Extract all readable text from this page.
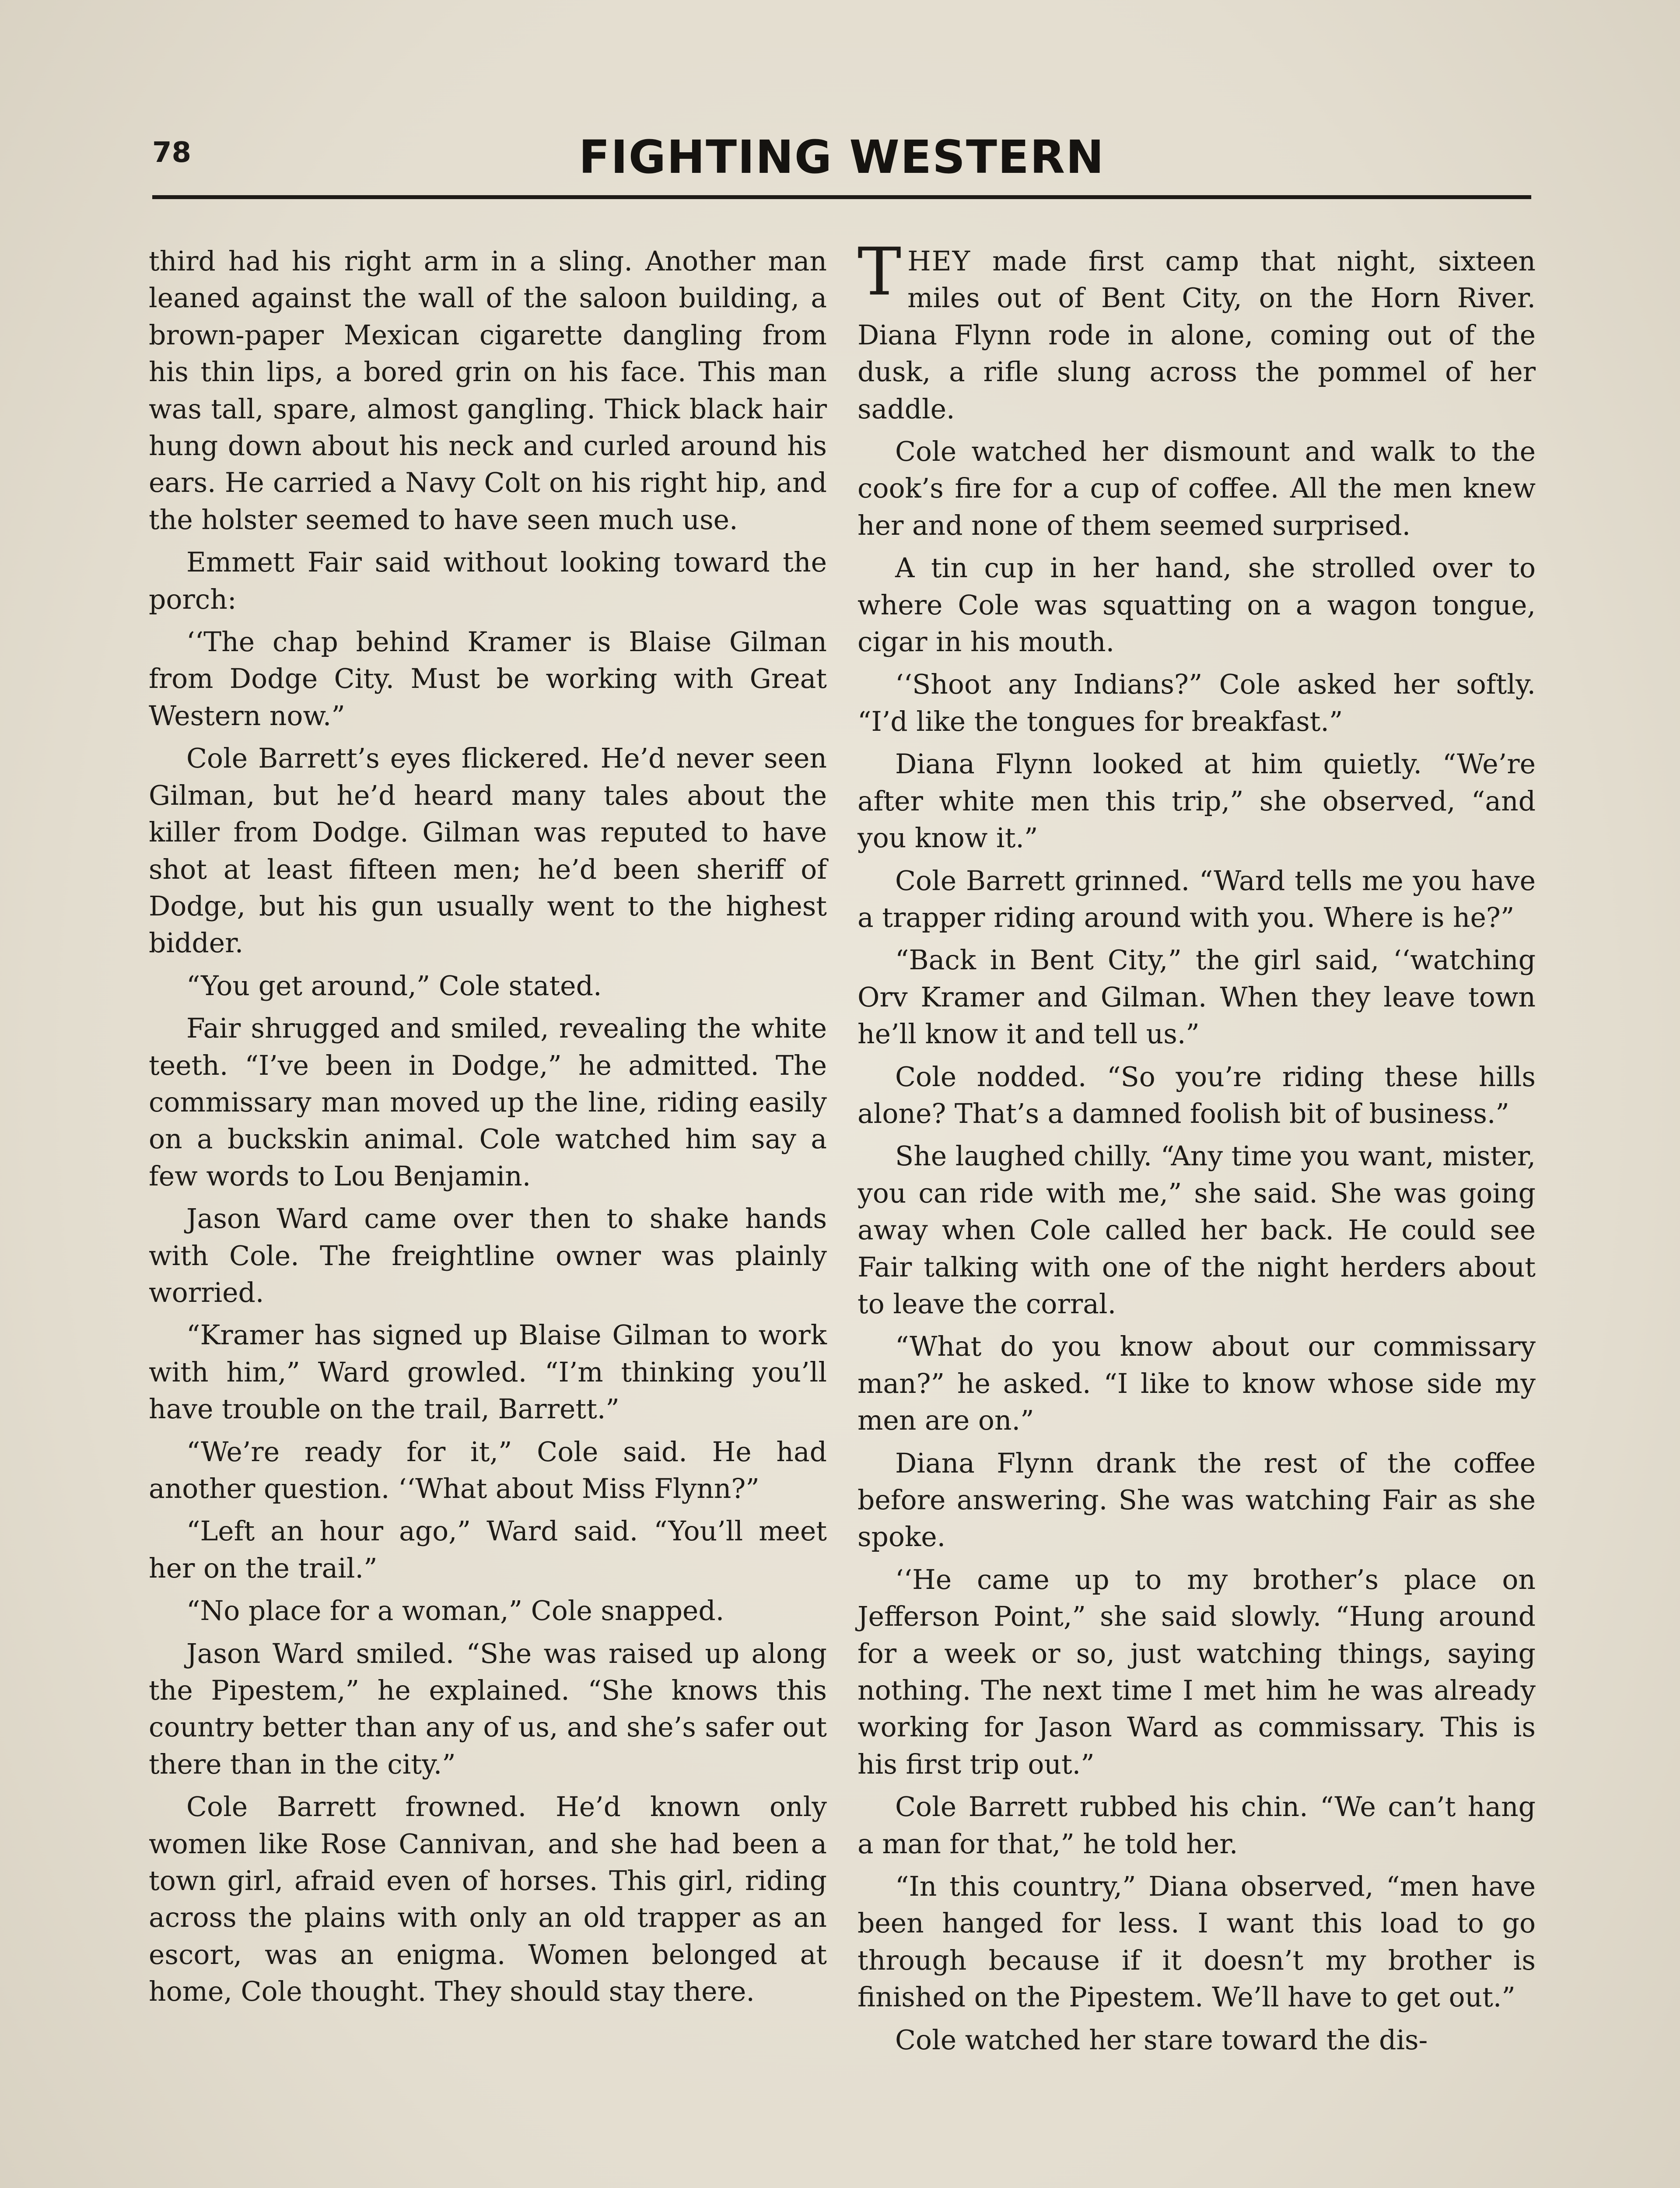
78	FIGHTING WESTERN

third had his right arm in a sling. Another man leaned against the wall of the saloon building, a brown-paper Mexican cigarette dangling from his thin lips, a bored grin on his face. This man was tall, spare, almost gangling. Thick black hair hung down about his neck and curled around his ears. He carried a Navy Colt on his right hip, and the holster seemed to have seen much use.

Emmett Fair said without looking toward the porch:

‘‘The chap behind Kramer is Blaise Gilman from Dodge City. Must be working with Great Western now.”

Cole Barrett’s eyes flickered. He’d never seen Gilman, but he’d heard many tales about the killer from Dodge. Gilman was reputed to have shot at least fifteen men; he’d been sheriff of Dodge, but his gun usually went to the highest bidder.

“You get around,” Cole stated.

Fair shrugged and smiled, revealing the white teeth. “I’ve been in Dodge,” he admitted. The commissary man moved up the line, riding easily on a buckskin animal. Cole watched him say a few words to Lou Benjamin.

Jason Ward came over then to shake hands with Cole. The freightline owner was plainly worried.

“Kramer has signed up Blaise Gilman to work with him,” Ward growled. “I’m thinking you’ll have trouble on the trail, Barrett.”

“We’re ready for it,” Cole said. He had another question. ‘‘What about Miss Flynn?”

“Left an hour ago,” Ward said. “You’ll meet her on the trail.”

“No place for a woman,” Cole snapped.

Jason Ward smiled. “She was raised up along the Pipestem,” he explained. “She knows this country better than any of us, and she’s safer out there than in the city.”

Cole Barrett frowned. He’d known only women like Rose Cannivan, and she had been a town girl, afraid even of horses. This girl, riding across the plains with only an old trapper as an escort, was an enigma. Women belonged at home, Cole thought. They should stay there.

THEY made first camp that night, sixteen miles out of Bent City, on the Horn River. Diana Flynn rode in alone, coming out of the dusk, a rifle slung across the pommel of her saddle.

Cole watched her dismount and walk to the cook’s fire for a cup of coffee. All the men knew her and none of them seemed surprised.

A tin cup in her hand, she strolled over to where Cole was squatting on a wagon tongue, cigar in his mouth.

‘‘Shoot any Indians?” Cole asked her softly. “I’d like the tongues for breakfast.”

Diana Flynn looked at him quietly. “We’re after white men this trip,” she observed, “and you know it.”

Cole Barrett grinned. “Ward tells me you have a trapper riding around with you. Where is he?”

“Back in Bent City,” the girl said, ‘‘watching Orv Kramer and Gilman. When they leave town he’ll know it and tell us.”

Cole nodded. “So you’re riding these hills alone? That’s a damned foolish bit of business.”

She laughed chilly. “Any time you want, mister, you can ride with me,” she said. She was going away when Cole called her back. He could see Fair talking with one of the night herders about to leave the corral.

“What do you know about our commissary man?” he asked. “I like to know whose side my men are on.”

Diana Flynn drank the rest of the coffee before answering. She was watching Fair as she spoke.

‘‘He came up to my brother’s place on Jefferson Point,” she said slowly. “Hung around for a week or so, just watching things, saying nothing. The next time I met him he was already working for Jason Ward as commissary. This is his first trip out.”

Cole Barrett rubbed his chin. “We can’t hang a man for that,” he told her.

“In this country,” Diana observed, “men have been hanged for less. I want this load to go through because if it doesn’t my brother is finished on the Pipestem. We’ll have to get out.”

Cole watched her stare toward the dis-
